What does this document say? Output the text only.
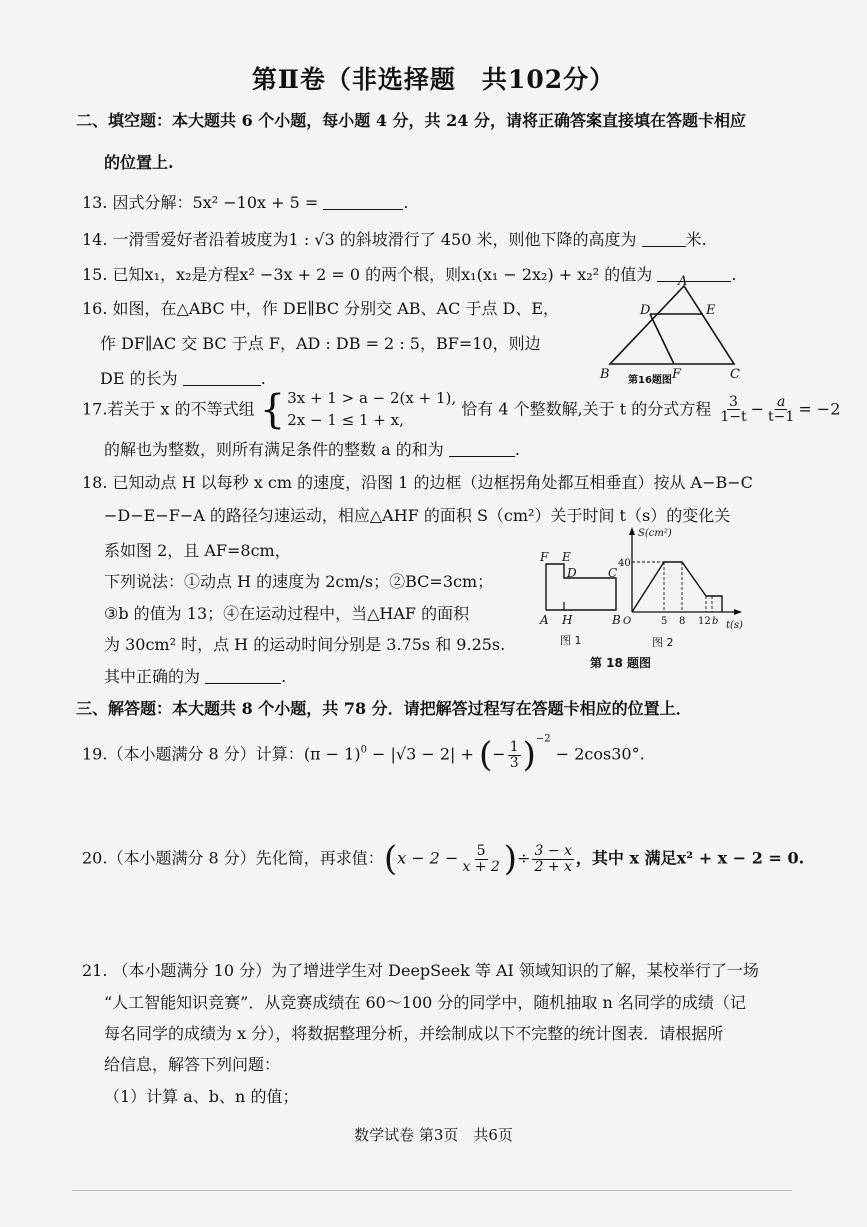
第Ⅱ卷（非选择题　共102分）
二、填空题：本大题共 6 个小题，每小题 4 分，共 24 分，请将正确答案直接填在答题卡相应
的位置上.
13. 因式分解：5x² −10x + 5 =	.
14. 一滑雪爱好者沿着坡度为1 : √3 的斜坡滑行了 450 米，则他下降的高度为	米.
15. 已知x₁，x₂是方程x² −3x + 2 = 0 的两个根，则x₁(x₁ − 2x₂) + x₂² 的值为	.
16. 如图，在△ABC 中，作 DE∥BC 分别交 AB、AC 于点 D、E，
作 DF∥AC 交 BC 于点 F，AD : DB = 2 : 5，BF=10，则边
DE 的长为	.
A
D	E
B	F	C
第16题图
17.若关于 x 的不等式组 { 3x + 1 > a − 2(x + 1),
2x − 1 ≤ 1 + x,
恰有 4 个整数解,关于 t 的分式方程 $\frac{3}{1-t} - \frac{a}{t-1} = -2$
的解也为整数，则所有满足条件的整数 a 的和为	.
18. 已知动点 H 以每秒 x cm 的速度，沿图 1 的边框（边框拐角处都互相垂直）按从 A−B−C
−D−E−F−A 的路径匀速运动，相应△AHF 的面积 S（cm²）关于时间 t（s）的变化关
系如图 2，且 AF=8cm，
下列说法：①动点 H 的速度为 2cm/s；②BC=3cm；
③b 的值为 13；④在运动过程中，当△HAF 的面积
为 30cm² 时，点 H 的运动时间分别是 3.75s 和 9.25s.
其中正确的为	.
F E
D	C
A H	B
图 1
S(cm²)
40
O	5 8 12 b t(s)
图 2
第 18 题图
三、解答题：本大题共 8 个小题，共 78 分．请把解答过程写在答题卡相应的位置上．
19.（本小题满分 8 分）计算：$(\pi - 1)^0 - |√3 - 2|$ + (− $\frac{1}{3} )^{-2} - 2\cos 30^\circ$.
20.（本小题满分 8 分）先化简，再求值：($x - 2 - \frac{5}{x + 2}$ )÷ $\frac{3 - x}{2 + x}$ ，其中 x 满足x² + x − 2 = 0.
21. （本小题满分 10 分）为了增进学生对 DeepSeek 等 AI 领域知识的了解，某校举行了一场
“人工智能知识竞赛”．从竞赛成绩在 60～100 分的同学中，随机抽取 n 名同学的成绩（记
每名同学的成绩为 x 分），将数据整理分析，并绘制成以下不完整的统计图表．请根据所
给信息，解答下列问题：
（1）计算 a、b、n 的值；
数学试卷 第3页　共6页
